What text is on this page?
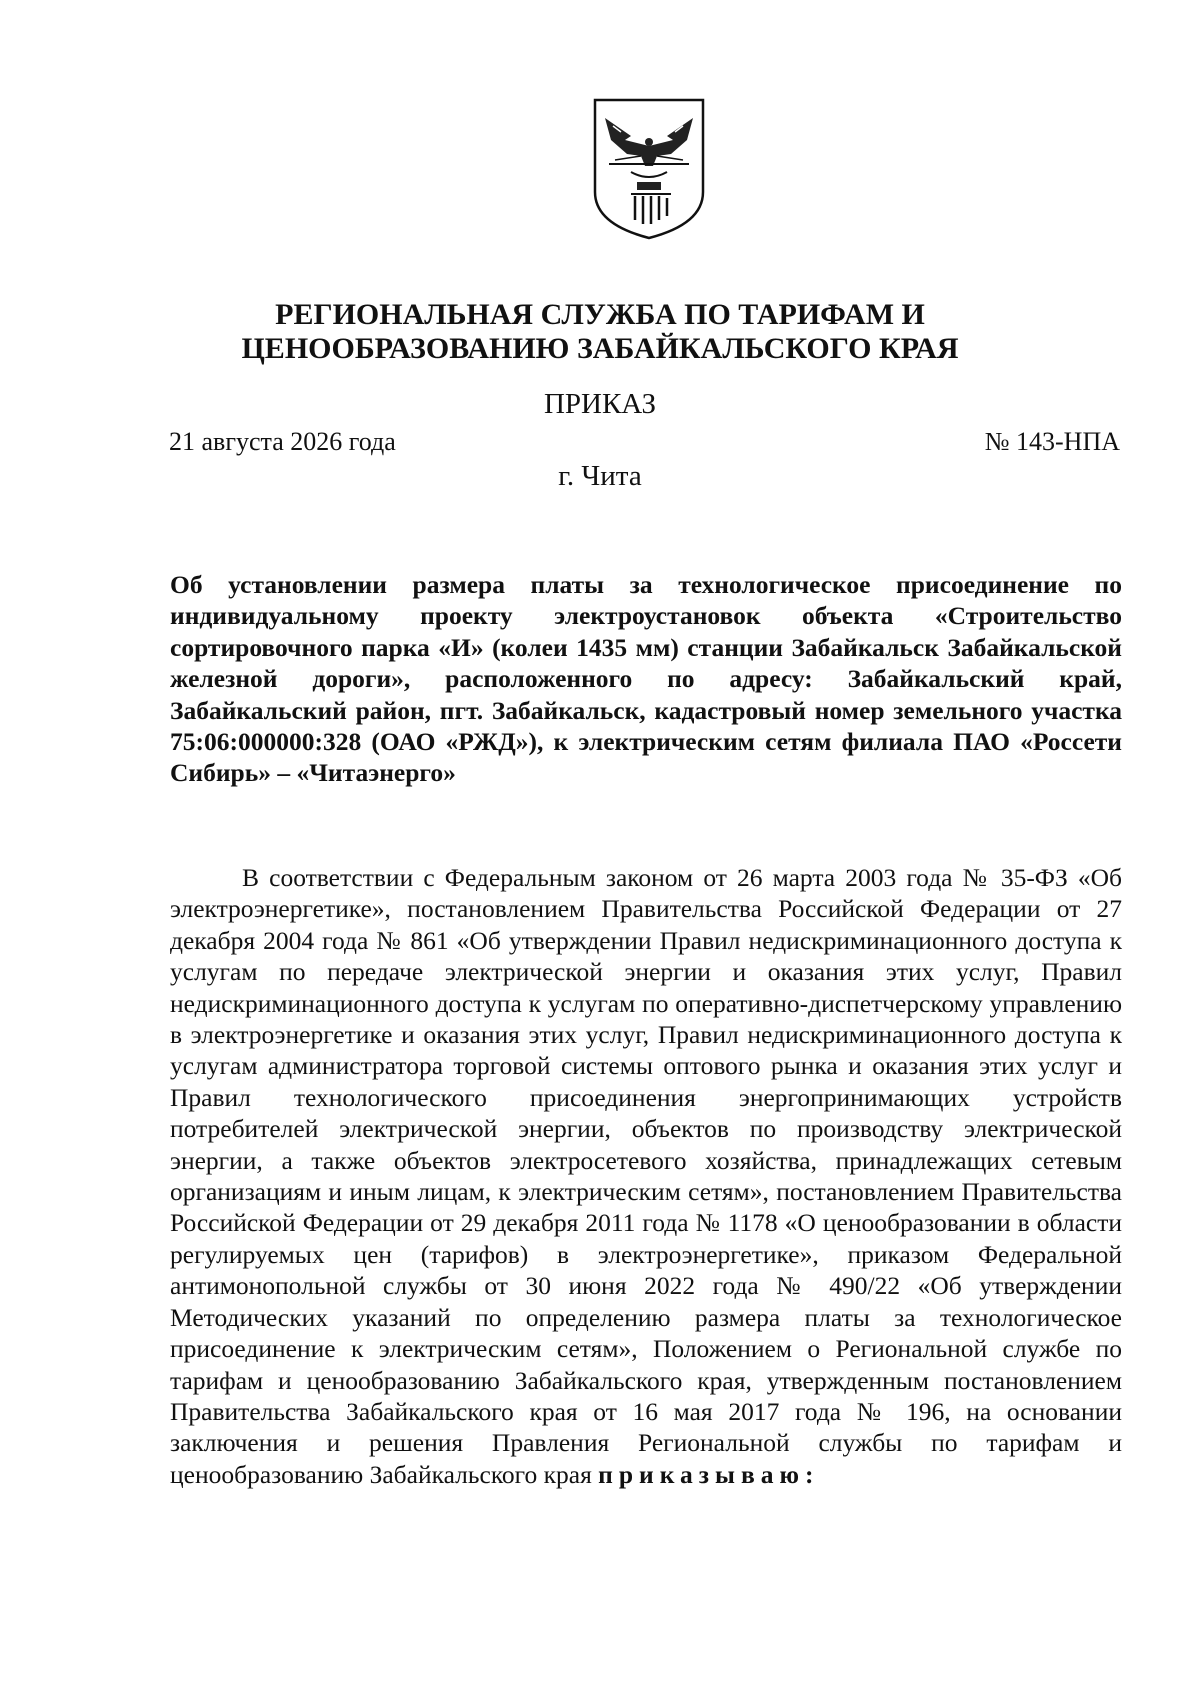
РЕГИОНАЛЬНАЯ СЛУЖБА ПО ТАРИФАМ И
ЦЕНООБРАЗОВАНИЮ ЗАБАЙКАЛЬСКОГО КРАЯ
ПРИКАЗ
21 августа 2026 года	№ 143-НПА
г. Чита
Об установлении размера платы за технологическое присоединение по индивидуальному проекту электроустановок объекта «Строительство сортировочного парка «И» (колеи 1435 мм) станции Забайкальск Забайкальской железной дороги», расположенного по адресу: Забайкальский край, Забайкальский район, пгт. Забайкальск, кадастровый номер земельного участка 75:06:000000:328 (ОАО «РЖД»), к электрическим сетям филиала ПАО «Россети Сибирь» – «Читаэнерго»
В соответствии с Федеральным законом от 26 марта 2003 года № 35-ФЗ «Об электроэнергетике», постановлением Правительства Российской Федерации от 27 декабря 2004 года № 861 «Об утверждении Правил недискриминационного доступа к услугам по передаче электрической энергии и оказания этих услуг, Правил недискриминационного доступа к услугам по оперативно-диспетчерскому управлению в электроэнергетике и оказания этих услуг, Правил недискриминационного доступа к услугам администратора торговой системы оптового рынка и оказания этих услуг и Правил технологического присоединения энергопринимающих устройств потребителей электрической энергии, объектов по производству электрической энергии, а также объектов электросетевого хозяйства, принадлежащих сетевым организациям и иным лицам, к электрическим сетям», постановлением Правительства Российской Федерации от 29 декабря 2011 года № 1178 «О ценообразовании в области регулируемых цен (тарифов) в электроэнергетике», приказом Федеральной антимонопольной службы от 30 июня 2022 года № 490/22 «Об утверждении Методических указаний по определению размера платы за технологическое присоединение к электрическим сетям», Положением о Региональной службе по тарифам и ценообразованию Забайкальского края, утвержденным постановлением Правительства Забайкальского края от 16 мая 2017 года № 196, на основании заключения и решения Правления Региональной службы по тарифам и ценообразованию Забайкальского края приказываю:
